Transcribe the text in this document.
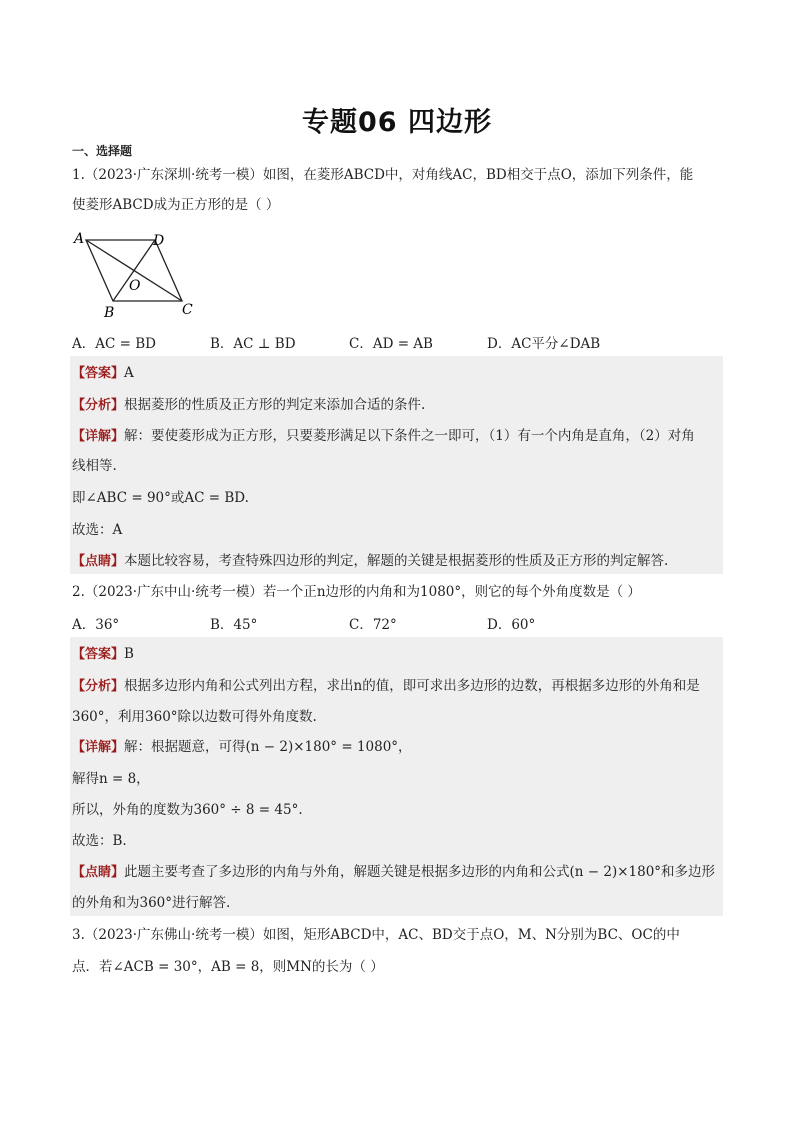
专题06 四边形
一、选择题
1.（2023·广东深圳·统考一模）如图，在菱形ABCD中，对角线AC，BD相交于点O，添加下列条件，能
使菱形ABCD成为正方形的是（ ）
A	D
O
B	C
A．AC = BD	B．AC ⊥ BD	C．AD = AB	D．AC平分∠DAB
【答案】A
【分析】根据菱形的性质及正方形的判定来添加合适的条件.
【详解】解：要使菱形成为正方形，只要菱形满足以下条件之一即可，（1）有一个内角是直角，（2）对角
线相等.
即∠ABC = 90°或AC = BD.
故选：A
【点睛】本题比较容易，考查特殊四边形的判定，解题的关键是根据菱形的性质及正方形的判定解答.
2.（2023·广东中山·统考一模）若一个正n边形的内角和为1080°，则它的每个外角度数是（ ）
A．36°	B．45°	C．72°	D．60°
【答案】B
【分析】根据多边形内角和公式列出方程，求出n的值，即可求出多边形的边数，再根据多边形的外角和是
360°，利用360°除以边数可得外角度数.
【详解】解：根据题意，可得(n − 2)×180° = 1080°，
解得n = 8，
所以，外角的度数为360° ÷ 8 = 45°.
故选：B.
【点睛】此题主要考查了多边形的内角与外角，解题关键是根据多边形的内角和公式(n − 2)×180°和多边形
的外角和为360°进行解答.
3.（2023·广东佛山·统考一模）如图，矩形ABCD中，AC、BD交于点O，M、N分别为BC、OC的中
点．若∠ACB = 30°，AB = 8，则MN的长为（ ）
